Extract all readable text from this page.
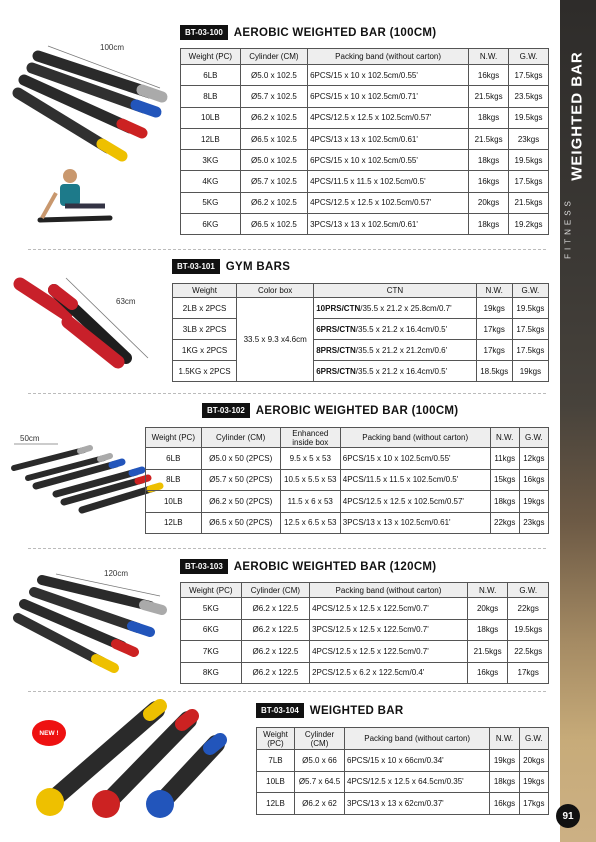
WEIGHTED BAR
FITNESS
91
BT-03-100 AEROBIC WEIGHTED BAR (100CM)
100cm
Weight (PC)	Cylinder (CM)	Packing band (without carton)	N.W.	G.W.
6LB	Ø5.0 x 102.5	6PCS/15 x 10 x 102.5cm/0.55'	16kgs	17.5kgs
8LB	Ø5.7 x 102.5	6PCS/15 x 10 x 102.5cm/0.71'	21.5kgs	23.5kgs
10LB	Ø6.2 x 102.5	4PCS/12.5 x 12.5 x 102.5cm/0.57'	18kgs	19.5kgs
12LB	Ø6.5 x 102.5	4PCS/13 x 13 x 102.5cm/0.61'	21.5kgs	23kgs
3KG	Ø5.0 x 102.5	6PCS/15 x 10 x 102.5cm/0.55'	18kgs	19.5kgs
4KG	Ø5.7 x 102.5	4PCS/11.5 x 11.5 x 102.5cm/0.5'	16kgs	17.5kgs
5KG	Ø6.2 x 102.5	4PCS/12.5 x 12.5 x 102.5cm/0.57'	20kgs	21.5kgs
6KG	Ø6.5 x 102.5	3PCS/13 x 13 x 102.5cm/0.61'	18kgs	19.2kgs
BT-03-101 GYM BARS
63cm
Weight	Color box	CTN	N.W.	G.W.
2LB x 2PCS	33.5 x 9.3 x4.6cm	10PRS/CTN/35.5 x 21.2 x 25.8cm/0.7'	19kgs	19.5kgs
3LB x 2PCS		6PRS/CTN/35.5 x 21.2 x 16.4cm/0.5'	17kgs	17.5kgs
1KG x 2PCS		8PRS/CTN/35.5 x 21.2 x 21.2cm/0.6'	17kgs	17.5kgs
1.5KG x 2PCS		6PRS/CTN/35.5 x 21.2 x 16.4cm/0.5'	18.5kgs	19kgs
BT-03-102 AEROBIC WEIGHTED BAR (100CM)
50cm	Weight (PC)	Cylinder (CM)	Enhanced inside box	Packing band (without carton)	N.W.	G.W.
6LB	Ø5.0 x 50 (2PCS)	9.5 x 5 x 53	6PCS/15 x 10 x 102.5cm/0.55'	11kgs	12kgs
8LB	Ø5.7 x 50 (2PCS)	10.5 x 5.5 x 53	4PCS/11.5 x 11.5 x 102.5cm/0.5'	15kgs	16kgs
10LB	Ø6.2 x 50 (2PCS)	11.5 x 6 x 53	4PCS/12.5 x 12.5 x 102.5cm/0.57'	18kgs	19kgs
12LB	Ø6.5 x 50 (2PCS)	12.5 x 6.5 x 53	3PCS/13 x 13 x 102.5cm/0.61'	22kgs	23kgs
BT-03-103 AEROBIC WEIGHTED BAR (120CM)
120cm
Weight (PC)	Cylinder (CM)	Packing band (without carton)	N.W.	G.W.
5KG	Ø6.2 x 122.5	4PCS/12.5 x 12.5 x 122.5cm/0.7'	20kgs	22kgs
6KG	Ø6.2 x 122.5	3PCS/12.5 x 12.5 x 122.5cm/0.7'	18kgs	19.5kgs
7KG	Ø6.2 x 122.5	4PCS/12.5 x 12.5 x 122.5cm/0.7'	21.5kgs	22.5kgs
8KG	Ø6.2 x 122.5	2PCS/12.5 x 6.2 x 122.5cm/0.4'	16kgs	17kgs
NEW !
BT-03-104 WEIGHTED BAR
Weight (PC)	Cylinder (CM)	Packing band (without carton)	N.W.	G.W.
7LB	Ø5.0 x 66	6PCS/15 x 10 x 66cm/0.34'	19kgs	20kgs
10LB	Ø5.7 x 64.5	4PCS/12.5 x 12.5 x 64.5cm/0.35'	18kgs	19kgs
12LB	Ø6.2 x 62	3PCS/13 x 13 x 62cm/0.37'	16kgs	17kgs
